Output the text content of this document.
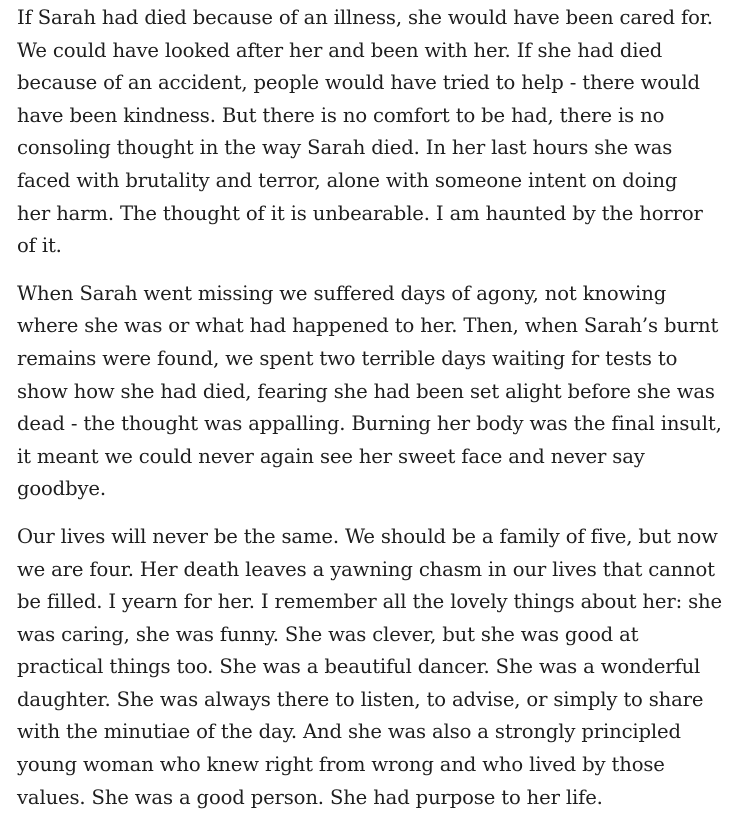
If Sarah had died because of an illness, she would have been cared for.
We could have looked after her and been with her. If she had died
because of an accident, people would have tried to help - there would
have been kindness. But there is no comfort to be had, there is no
consoling thought in the way Sarah died. In her last hours she was
faced with brutality and terror, alone with someone intent on doing
her harm. The thought of it is unbearable. I am haunted by the horror
of it.

When Sarah went missing we suffered days of agony, not knowing
where she was or what had happened to her. Then, when Sarah’s burnt
remains were found, we spent two terrible days waiting for tests to
show how she had died, fearing she had been set alight before she was
dead - the thought was appalling. Burning her body was the final insult,
it meant we could never again see her sweet face and never say
goodbye.

Our lives will never be the same. We should be a family of five, but now
we are four. Her death leaves a yawning chasm in our lives that cannot
be filled. I yearn for her. I remember all the lovely things about her: she
was caring, she was funny. She was clever, but she was good at
practical things too. She was a beautiful dancer. She was a wonderful
daughter. She was always there to listen, to advise, or simply to share
with the minutiae of the day. And she was also a strongly principled
young woman who knew right from wrong and who lived by those
values. She was a good person. She had purpose to her life.
